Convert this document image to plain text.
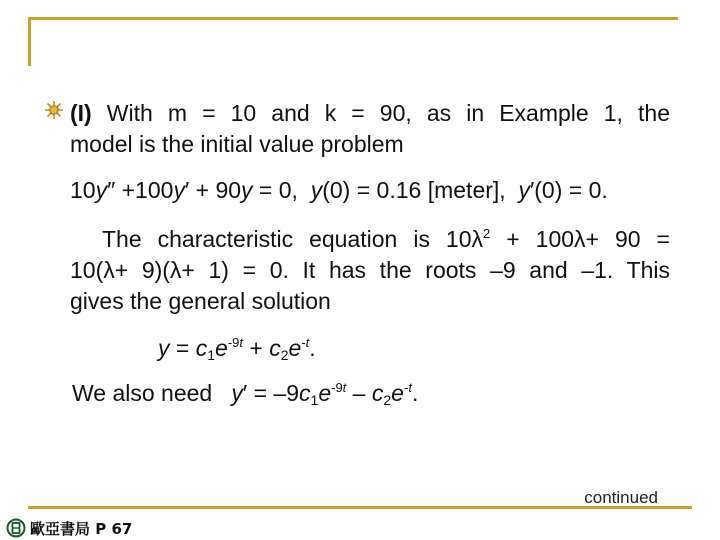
(I) With m = 10 and k = 90, as in Example 1, the
model is the initial value problem
10y″ +100y′ + 90y = 0,  y(0) = 0.16 [meter],  y′(0) = 0.
The characteristic equation is $10\lambda^2 + 100\lambda+ 90$ =
10(λ+ 9)(λ+ 1) = 0. It has the roots –9 and –1. This
gives the general solution
$y = c_1e^{-9t} + c_2e^{-t}$.
We also need $y' = -9c_1e^{-9t} - c_2e^{-t}$.
continued
歐亞書局 P 67
